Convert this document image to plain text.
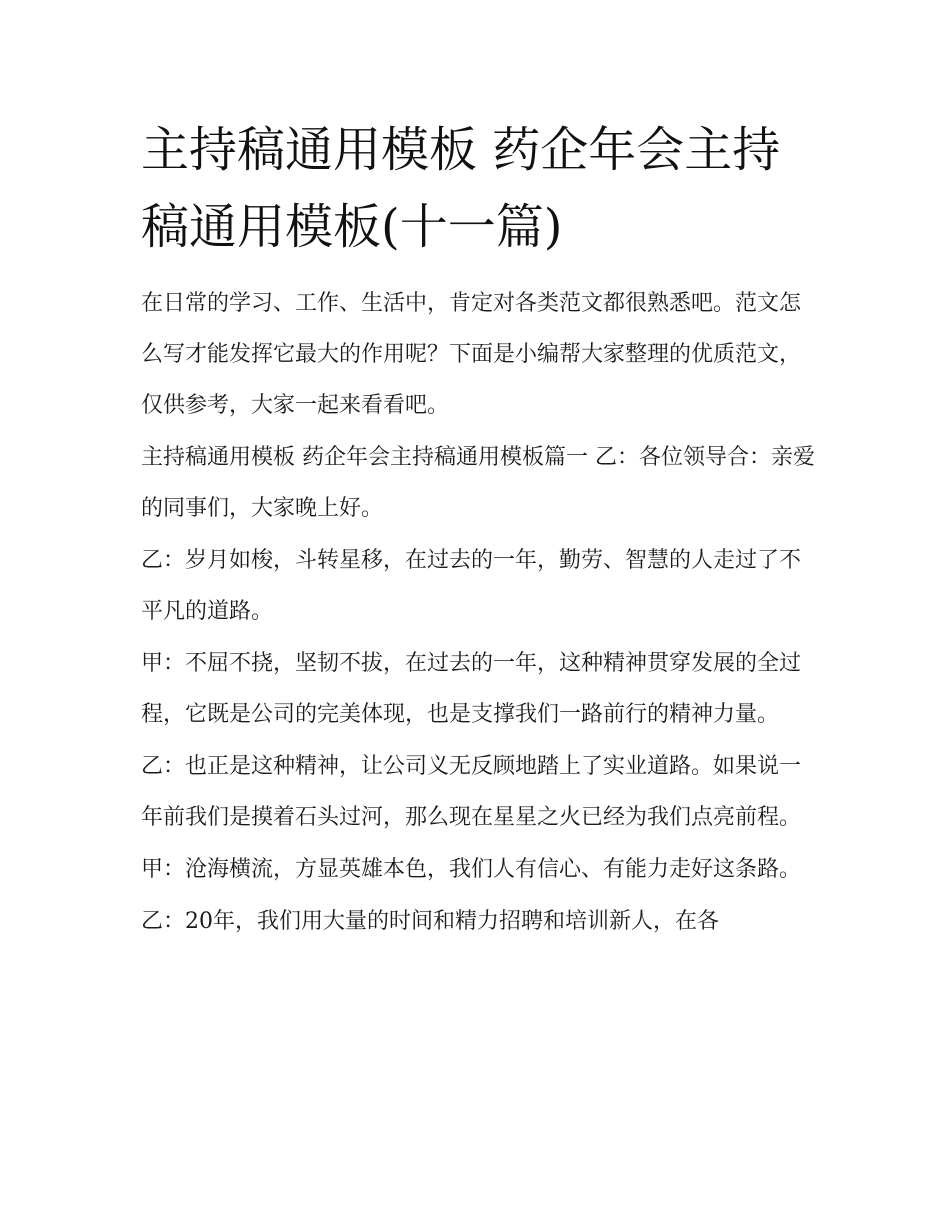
主持稿通用模板 药企年会主持稿通用模板(十一篇)

在日常的学习、工作、生活中，肯定对各类范文都很熟悉吧。范文怎么写才能发挥它最大的作用呢？下面是小编帮大家整理的优质范文，仅供参考，大家一起来看看吧。

主持稿通用模板 药企年会主持稿通用模板篇一 乙：各位领导合：亲爱的同事们，大家晚上好。

乙：岁月如梭，斗转星移，在过去的一年，勤劳、智慧的人走过了不平凡的道路。

甲：不屈不挠，坚韧不拔，在过去的一年，这种精神贯穿发展的全过程，它既是公司的完美体现，也是支撑我们一路前行的精神力量。

乙：也正是这种精神，让公司义无反顾地踏上了实业道路。如果说一年前我们是摸着石头过河，那么现在星星之火已经为我们点亮前程。

甲：沧海横流，方显英雄本色，我们人有信心、有能力走好这条路。

乙：20年，我们用大量的时间和精力招聘和培训新人，在各
